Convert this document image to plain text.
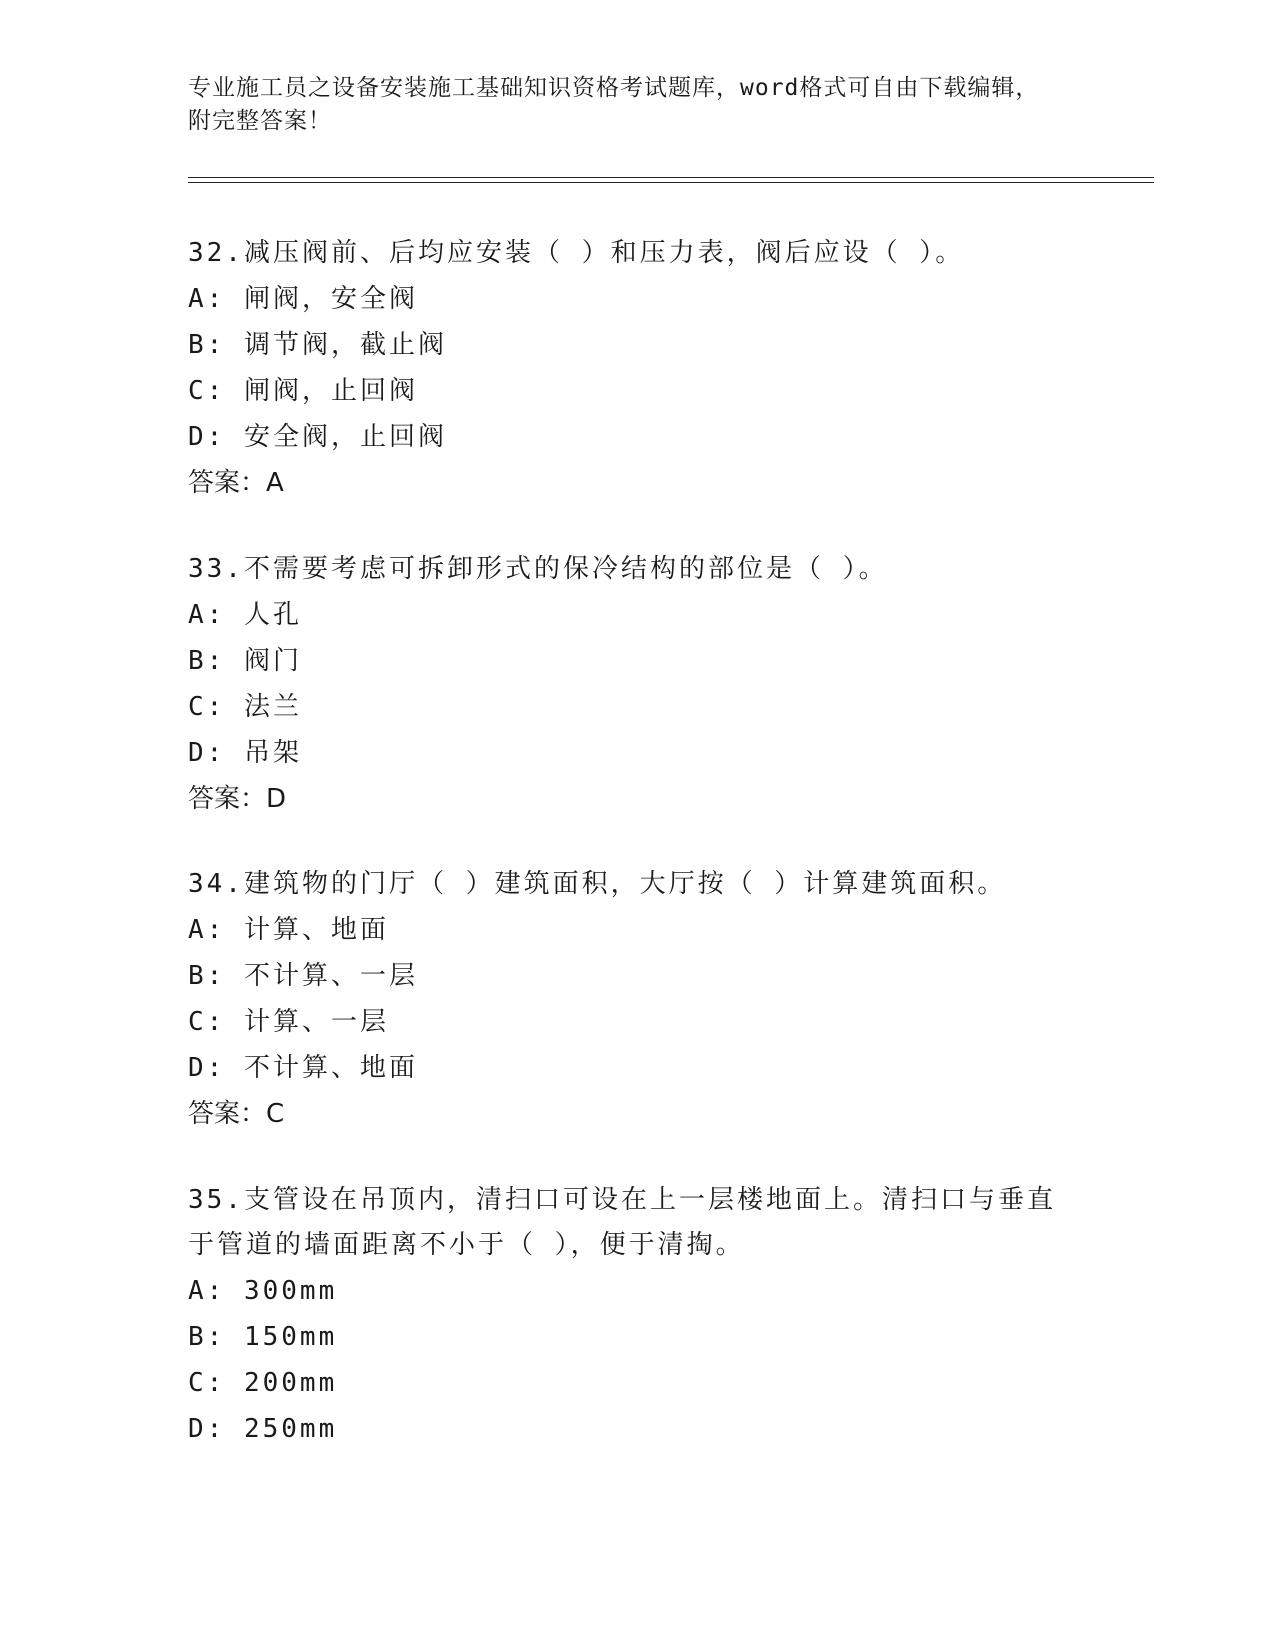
专业施工员之设备安装施工基础知识资格考试题库，word格式可自由下载编辑，
附完整答案！
32.减压阀前、后均应安装（ ）和压力表，阀后应设（ ）。
A: 闸阀，安全阀
B: 调节阀，截止阀
C: 闸阀，止回阀
D: 安全阀，止回阀
答案：A
33.不需要考虑可拆卸形式的保冷结构的部位是（ ）。
A: 人孔
B: 阀门
C: 法兰
D: 吊架
答案：D
34.建筑物的门厅（ ）建筑面积，大厅按（ ）计算建筑面积。
A: 计算、地面
B: 不计算、一层
C: 计算、一层
D: 不计算、地面
答案：C
35.支管设在吊顶内，清扫口可设在上一层楼地面上。清扫口与垂直于管道的墙面距离不小于（ ），便于清掏。
A: 300mm
B: 150mm
C: 200mm
D: 250mm
